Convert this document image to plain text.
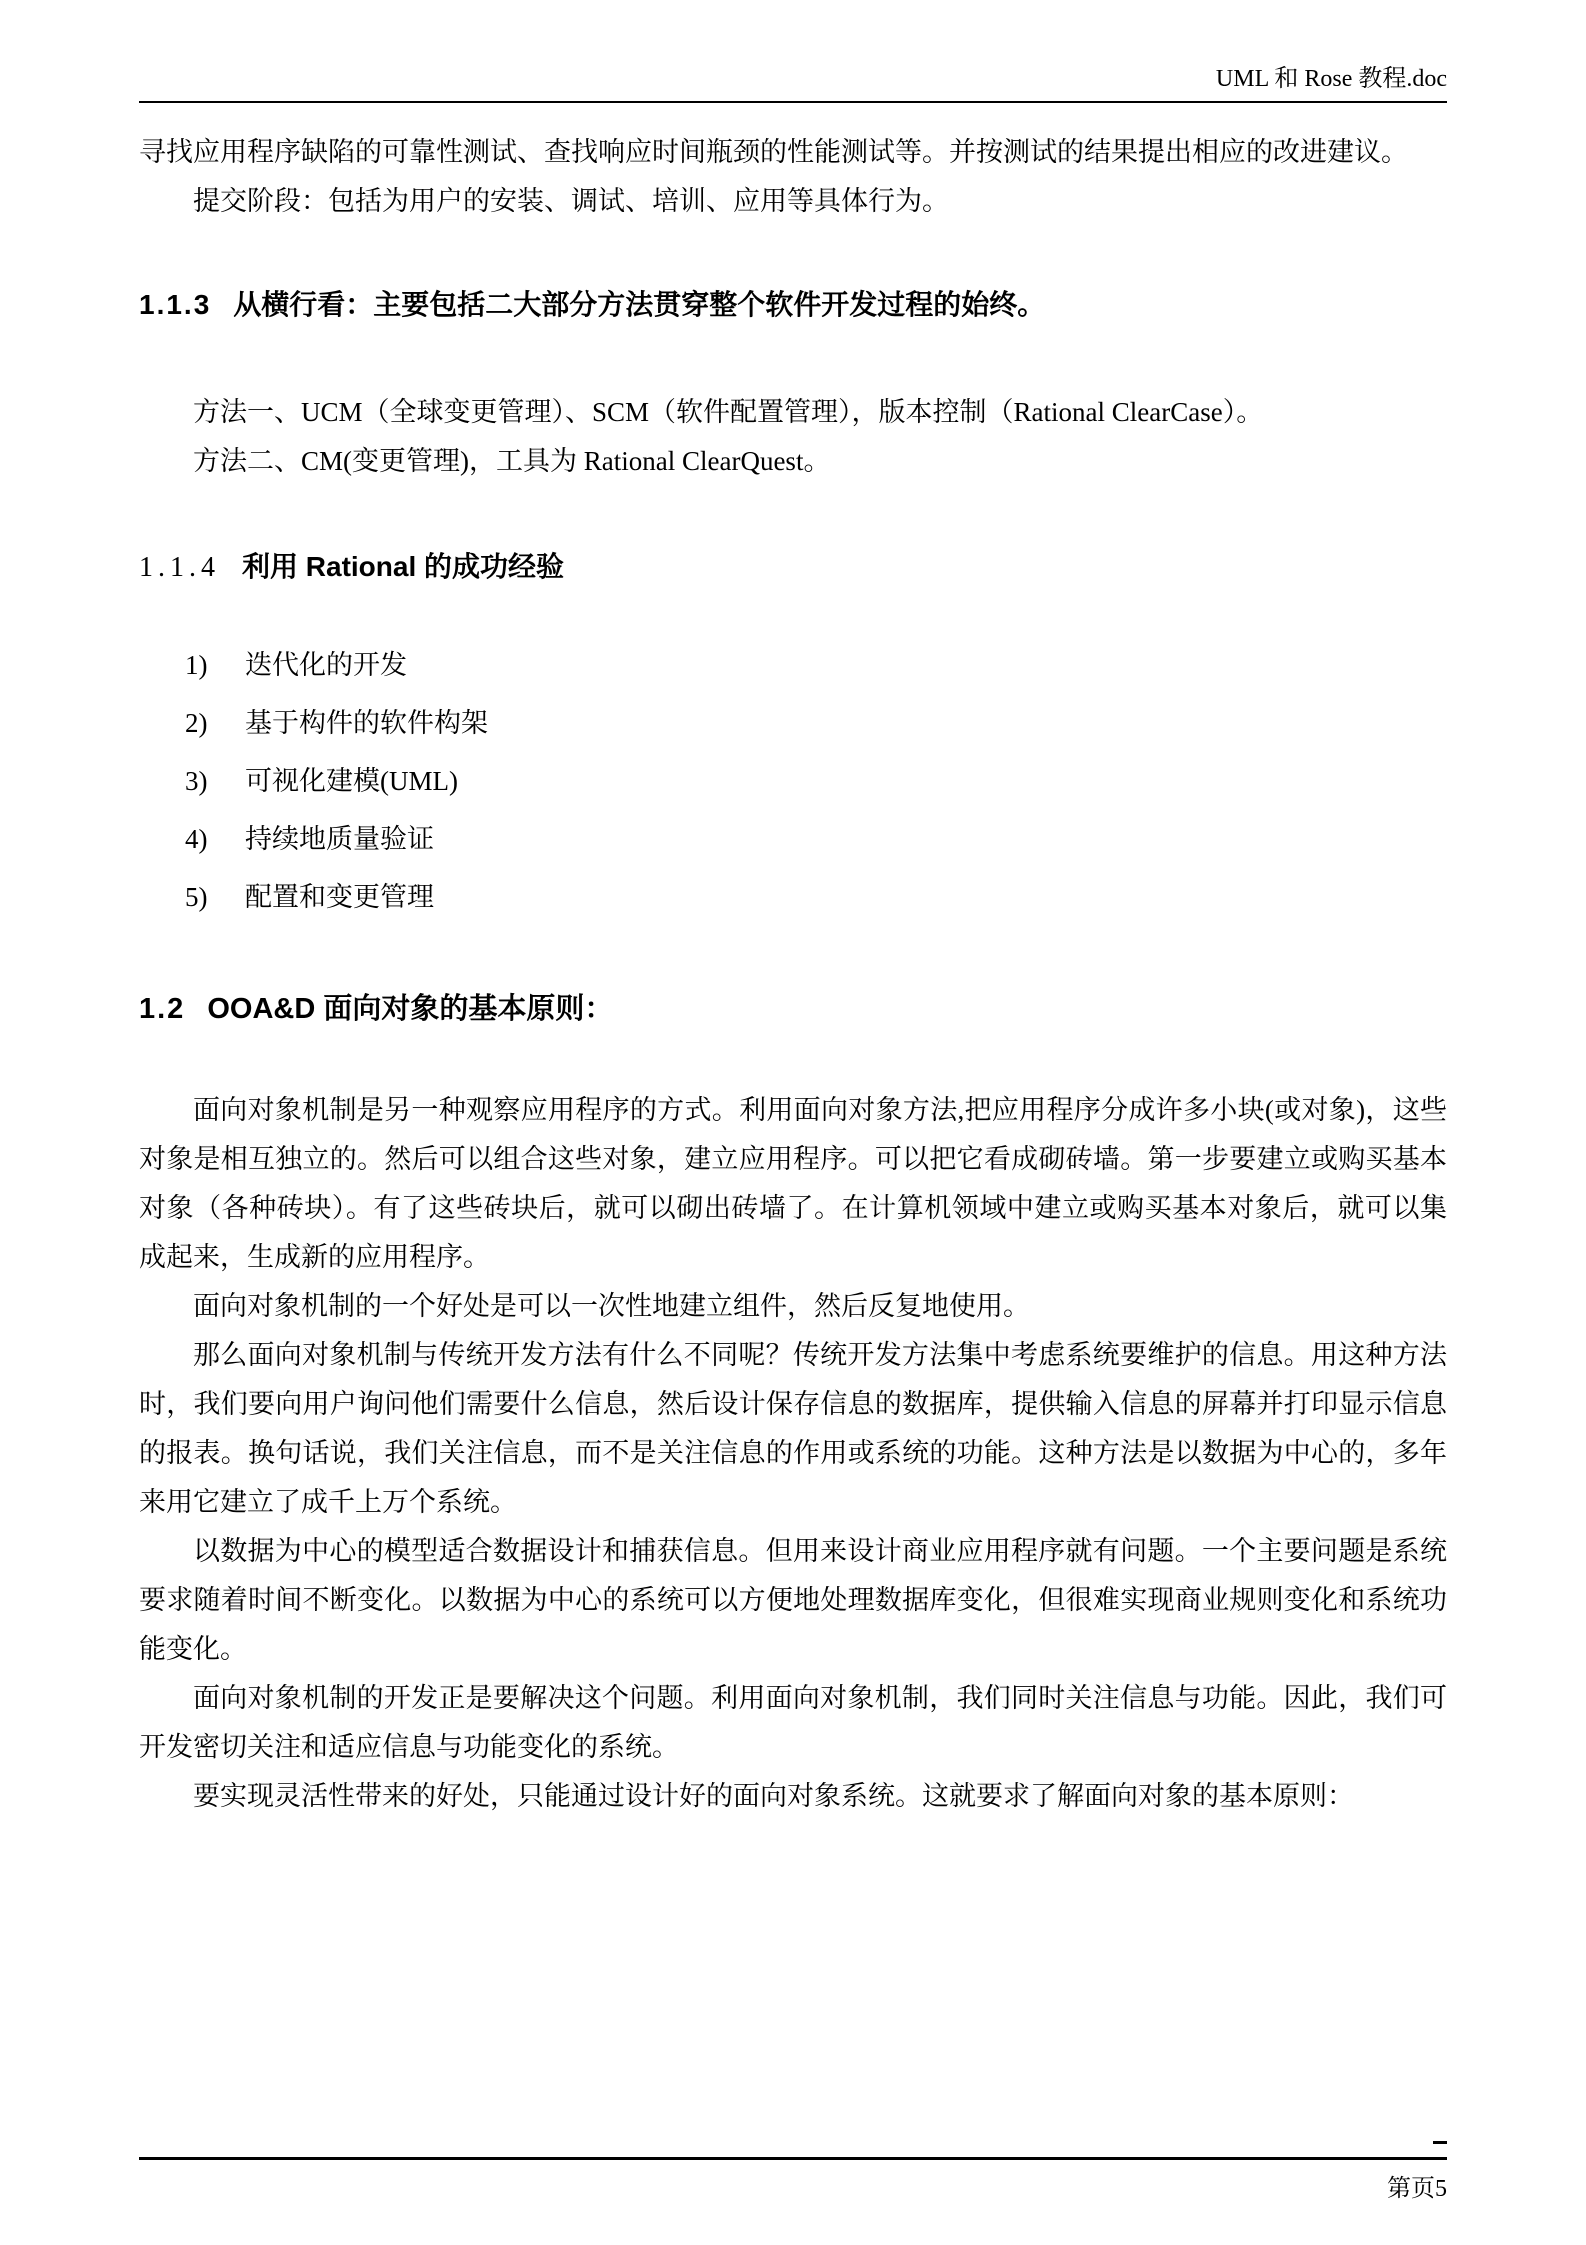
UML 和 Rose 教程.doc

寻找应用程序缺陷的可靠性测试、查找响应时间瓶颈的性能测试等。并按测试的结果提出相应的改进建议。

提交阶段：包括为用户的安装、调试、培训、应用等具体行为。

1.1.3 从横行看：主要包括二大部分方法贯穿整个软件开发过程的始终。

方法一、UCM（全球变更管理）、SCM（软件配置管理），版本控制（Rational ClearCase）。

方法二、CM(变更管理)，工具为 Rational ClearQuest。

1.1.4 利用 Rational 的成功经验
1)	迭代化的开发
2)	基于构件的软件构架
3)	可视化建模(UML)
4)	持续地质量验证
5)	配置和变更管理
1.2 OOA&D 面向对象的基本原则：

面向对象机制是另一种观察应用程序的方式。利用面向对象方法,把应用程序分成许多小块(或对象)，这些对象是相互独立的。然后可以组合这些对象，建立应用程序。可以把它看成砌砖墙。第一步要建立或购买基本对象（各种砖块）。有了这些砖块后，就可以砌出砖墙了。在计算机领域中建立或购买基本对象后，就可以集成起来，生成新的应用程序。

面向对象机制的一个好处是可以一次性地建立组件，然后反复地使用。

那么面向对象机制与传统开发方法有什么不同呢？传统开发方法集中考虑系统要维护的信息。用这种方法时，我们要向用户询问他们需要什么信息，然后设计保存信息的数据库，提供输入信息的屏幕并打印显示信息的报表。换句话说，我们关注信息，而不是关注信息的作用或系统的功能。这种方法是以数据为中心的，多年来用它建立了成千上万个系统。

以数据为中心的模型适合数据设计和捕获信息。但用来设计商业应用程序就有问题。一个主要问题是系统要求随着时间不断变化。以数据为中心的系统可以方便地处理数据库变化，但很难实现商业规则变化和系统功能变化。

面向对象机制的开发正是要解决这个问题。利用面向对象机制，我们同时关注信息与功能。因此，我们可开发密切关注和适应信息与功能变化的系统。

要实现灵活性带来的好处，只能通过设计好的面向对象系统。这就要求了解面向对象的基本原则：

第页5
